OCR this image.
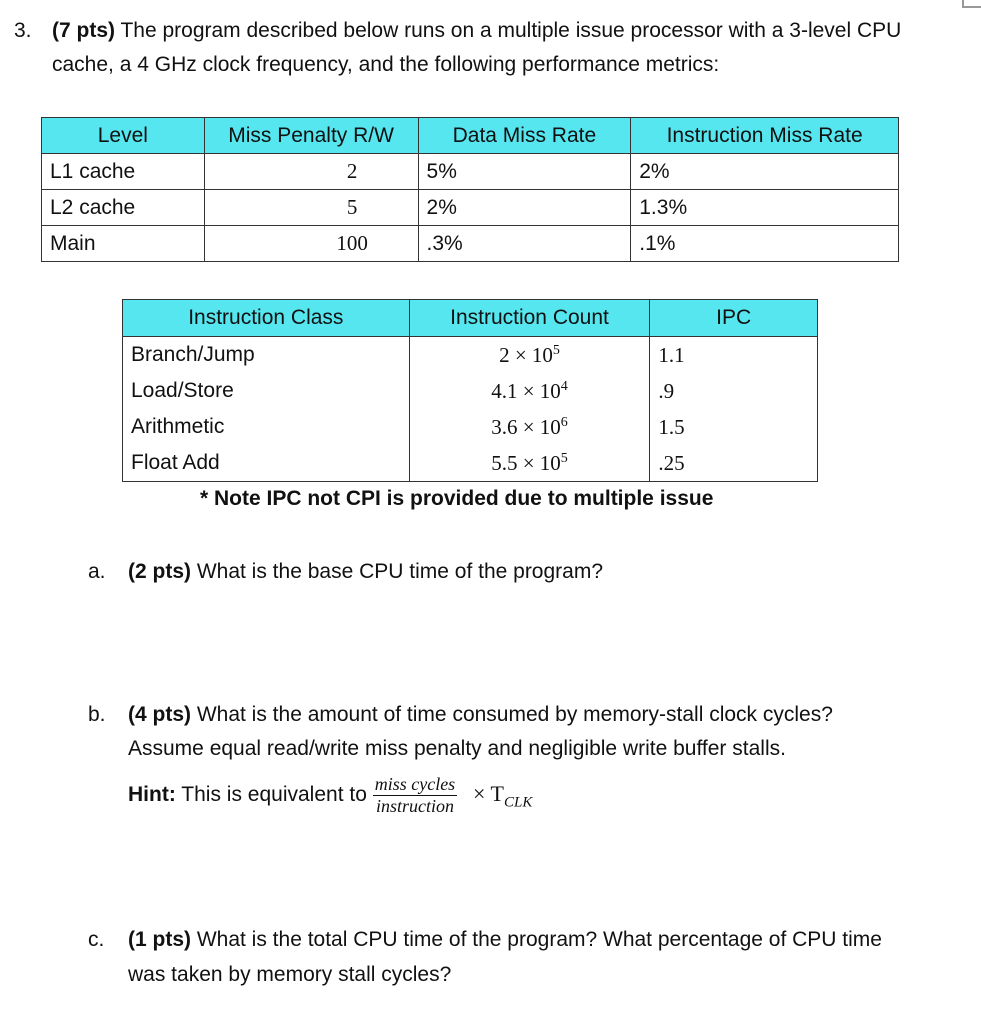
3. (7 pts) The program described below runs on a multiple issue processor with a 3-level CPU
cache, a 4 GHz clock frequency, and the following performance metrics:
Level	Miss Penalty R/W	Data Miss Rate	Instruction Miss Rate
L1 cache	2	5%	2%
L2 cache	5	2%	1.3%
Main	100	.3%	.1%
Instruction Class	Instruction Count	IPC
Branch/Jump	$2 \times 10^5$	1.1
Load/Store	$4.1 \times 10^4$	.9
Arithmetic	$3.6 \times 10^6$	1.5
Float Add	$5.5 \times 10^5$	.25
* Note IPC not CPI is provided due to multiple issue
a. (2 pts) What is the base CPU time of the program?
b. (4 pts) What is the amount of time consumed by memory-stall clock cycles?
Assume equal read/write miss penalty and negligible write buffer stalls.
Hint: This is equivalent to $\frac{\text{miss cycles}}{\text{instruction}} \times T_{CLK}$
c. (1 pts) What is the total CPU time of the program? What percentage of CPU time
was taken by memory stall cycles?
